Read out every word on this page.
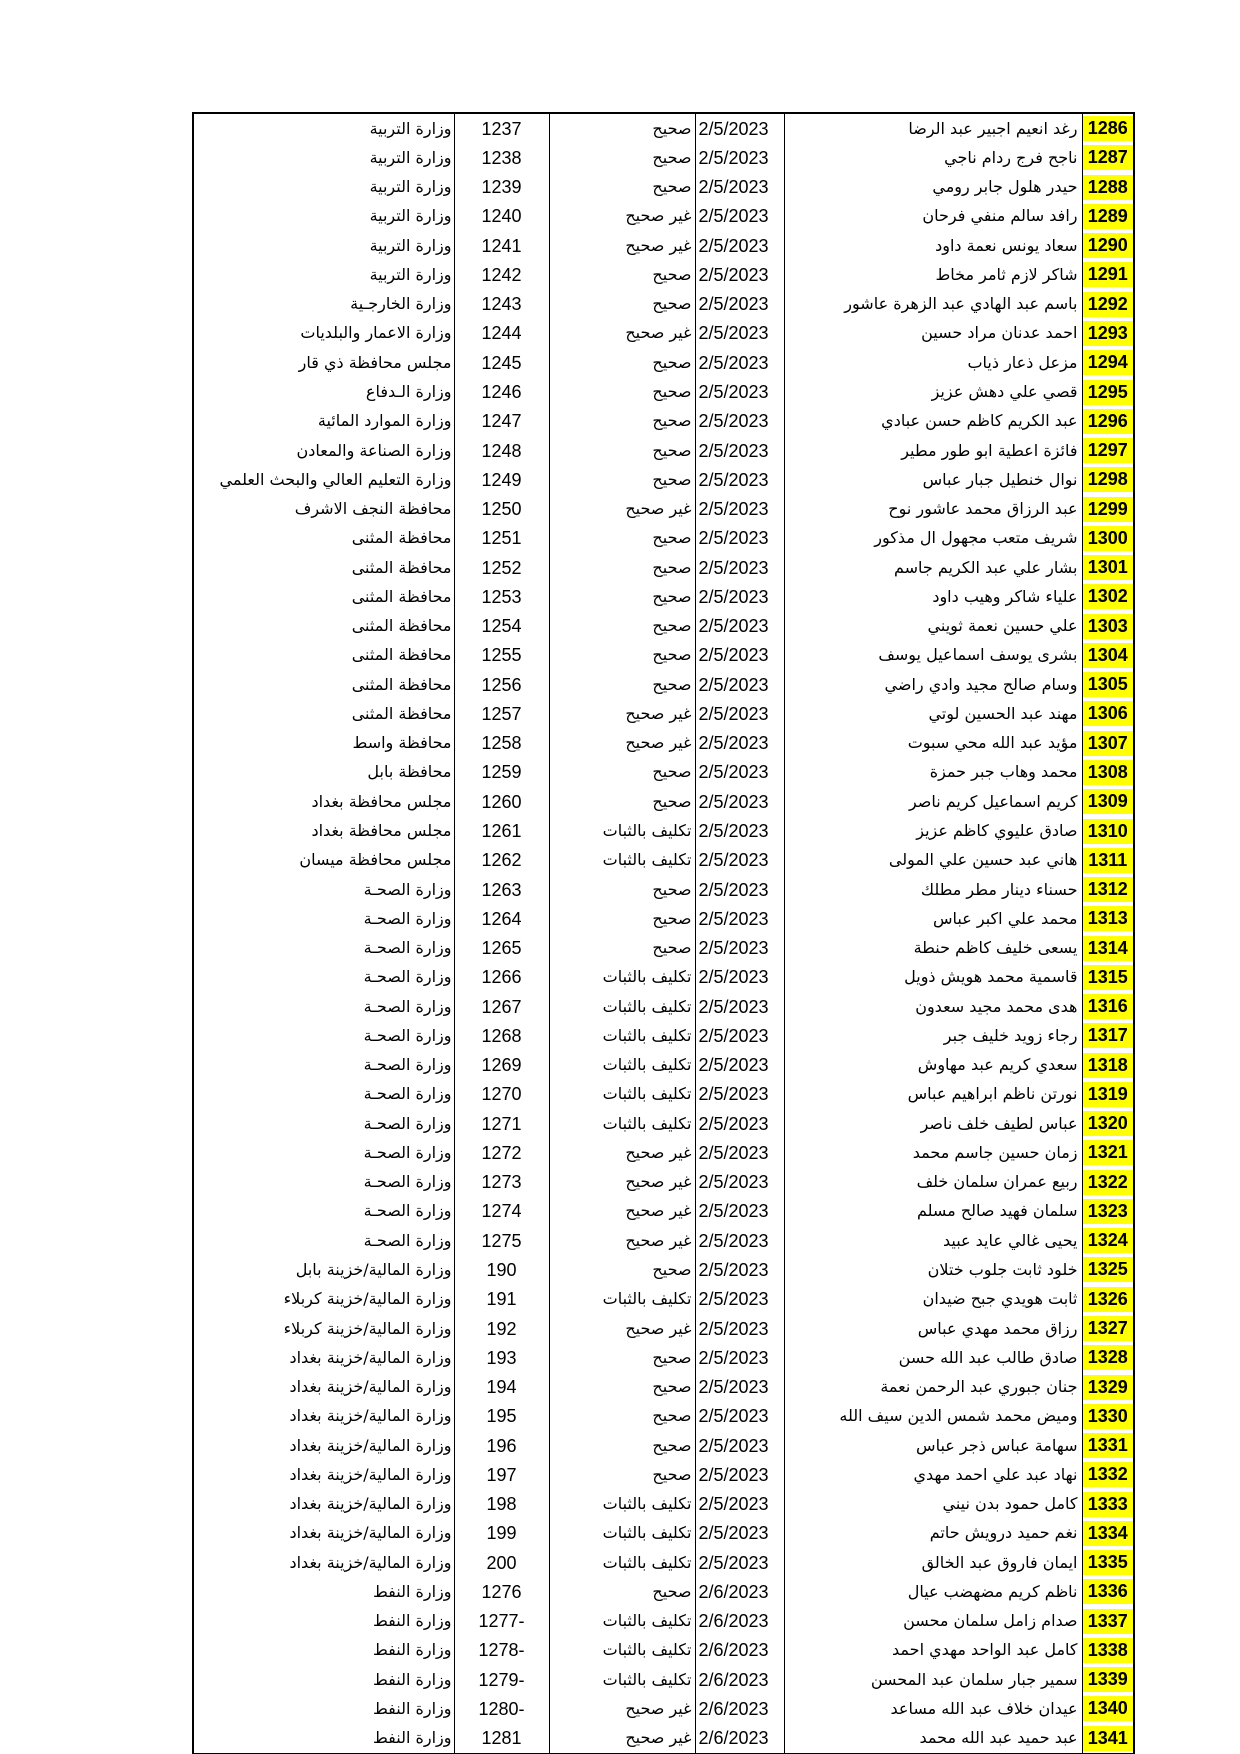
1286	رغد انعيم اجبير عبد الرضا	2/5/2023	صحيح	1237	وزارة التربية

1287	ناجح فرج ردام ناجي	2/5/2023	صحيح	1238	وزارة التربية

1288	حيدر هلول جابر رومي	2/5/2023	صحيح	1239	وزارة التربية

1289	رافد سالم منفي فرحان	2/5/2023	غير صحيح	1240	وزارة التربية

1290	سعاد يونس نعمة داود	2/5/2023	غير صحيح	1241	وزارة التربية

1291	شاكر لازم ثامر مخاط	2/5/2023	صحيح	1242	وزارة التربية

1292	باسم عبد الهادي عبد الزهرة عاشور	2/5/2023	صحيح	1243	وزارة الخارجـية

1293	احمد عدنان مراد حسين	2/5/2023	غير صحيح	1244	وزارة الاعمار والبلديات

1294	مزعل ذعار ذياب	2/5/2023	صحيح	1245	مجلس محافظة ذي قار

1295	قصي علي دهش عزيز	2/5/2023	صحيح	1246	وزارة الـدفاع

1296	عبد الكريم كاظم حسن عبادي	2/5/2023	صحيح	1247	وزارة الموارد المائية

1297	فائزة اعطية ابو طور مطير	2/5/2023	صحيح	1248	وزارة الصناعة والمعادن

1298	نوال خنطيل جبار عباس	2/5/2023	صحيح	1249	وزارة التعليم العالي والبحث العلمي

1299	عبد الرزاق محمد عاشور نوح	2/5/2023	غير صحيح	1250	محافظة النجف الاشرف

1300	شريف متعب مجهول ال مذكور	2/5/2023	صحيح	1251	محافظة المثنى

1301	بشار علي عبد الكريم جاسم	2/5/2023	صحيح	1252	محافظة المثنى

1302	علياء شاكر وهيب داود	2/5/2023	صحيح	1253	محافظة المثنى

1303	علي حسين نعمة ثويني	2/5/2023	صحيح	1254	محافظة المثنى

1304	بشرى يوسف اسماعيل يوسف	2/5/2023	صحيح	1255	محافظة المثنى

1305	وسام صالح مجيد وادي راضي	2/5/2023	صحيح	1256	محافظة المثنى

1306	مهند عبد الحسين لوتي	2/5/2023	غير صحيح	1257	محافظة المثنى

1307	مؤيد عبد الله محي سبوت	2/5/2023	غير صحيح	1258	محافظة واسط

1308	محمد وهاب جبر حمزة	2/5/2023	صحيح	1259	محافظة بابل

1309	كريم اسماعيل كريم ناصر	2/5/2023	صحيح	1260	مجلس محافظة بغداد

1310	صادق عليوي كاظم عزيز	2/5/2023	تكليف بالثبات	1261	مجلس محافظة بغداد

1311	هاني عبد حسين علي المولى	2/5/2023	تكليف بالثبات	1262	مجلس محافظة ميسان

1312	حسناء دينار مطر مطلك	2/5/2023	صحيح	1263	وزارة الصحـة

1313	محمد علي اكبر عباس	2/5/2023	صحيح	1264	وزارة الصحـة

1314	يسعى خليف كاظم حنطة	2/5/2023	صحيح	1265	وزارة الصحـة

1315	قاسمية محمد هويش ذويل	2/5/2023	تكليف بالثبات	1266	وزارة الصحـة

1316	هدى محمد مجيد سعدون	2/5/2023	تكليف بالثبات	1267	وزارة الصحـة

1317	رجاء زويد خليف جبر	2/5/2023	تكليف بالثبات	1268	وزارة الصحـة

1318	سعدي كريم عبد مهاوش	2/5/2023	تكليف بالثبات	1269	وزارة الصحـة

1319	نورتن ناظم ابراهيم عباس	2/5/2023	تكليف بالثبات	1270	وزارة الصحـة

1320	عباس لطيف خلف ناصر	2/5/2023	تكليف بالثبات	1271	وزارة الصحـة

1321	زمان حسين جاسم محمد	2/5/2023	غير صحيح	1272	وزارة الصحـة

1322	ربيع عمران سلمان خلف	2/5/2023	غير صحيح	1273	وزارة الصحـة

1323	سلمان فهيد صالح مسلم	2/5/2023	غير صحيح	1274	وزارة الصحـة

1324	يحيى غالي عايد عبيد	2/5/2023	غير صحيح	1275	وزارة الصحـة

1325	خلود ثابت جلوب ختلان	2/5/2023	صحيح	190	وزارة المالية/خزينة بابل

1326	ثابت هويدي جبح ضيدان	2/5/2023	تكليف بالثبات	191	وزارة المالية/خزينة كربلاء

1327	رزاق محمد مهدي عباس	2/5/2023	غير صحيح	192	وزارة المالية/خزينة كربلاء

1328	صادق طالب عبد الله حسن	2/5/2023	صحيح	193	وزارة المالية/خزينة بغداد

1329	جنان جبوري عبد الرحمن نعمة	2/5/2023	صحيح	194	وزارة المالية/خزينة بغداد

1330	وميض محمد شمس الدين سيف الله	2/5/2023	صحيح	195	وزارة المالية/خزينة بغداد

1331	سهامة عباس ذجر عباس	2/5/2023	صحيح	196	وزارة المالية/خزينة بغداد

1332	نهاد عبد علي احمد مهدي	2/5/2023	صحيح	197	وزارة المالية/خزينة بغداد

1333	كامل حمود بدن نيني	2/5/2023	تكليف بالثبات	198	وزارة المالية/خزينة بغداد

1334	نغم حميد درويش حاتم	2/5/2023	تكليف بالثبات	199	وزارة المالية/خزينة بغداد

1335	ايمان فاروق عبد الخالق	2/5/2023	تكليف بالثبات	200	وزارة المالية/خزينة بغداد

1336	ناظم كريم مضهضب عيال	2/6/2023	صحيح	1276	وزارة النفط

1337	صدام زامل سلمان محسن	2/6/2023	تكليف بالثبات	1277-	وزارة النفط

1338	كامل عبد الواحد مهدي احمد	2/6/2023	تكليف بالثبات	1278-	وزارة النفط

1339	سمير جبار سلمان عبد المحسن	2/6/2023	تكليف بالثبات	1279-	وزارة النفط

1340	عيدان خلاف عبد الله مساعد	2/6/2023	غير صحيح	1280-	وزارة النفط

1341	عبد حميد عبد الله محمد	2/6/2023	غير صحيح	1281	وزارة النفط
